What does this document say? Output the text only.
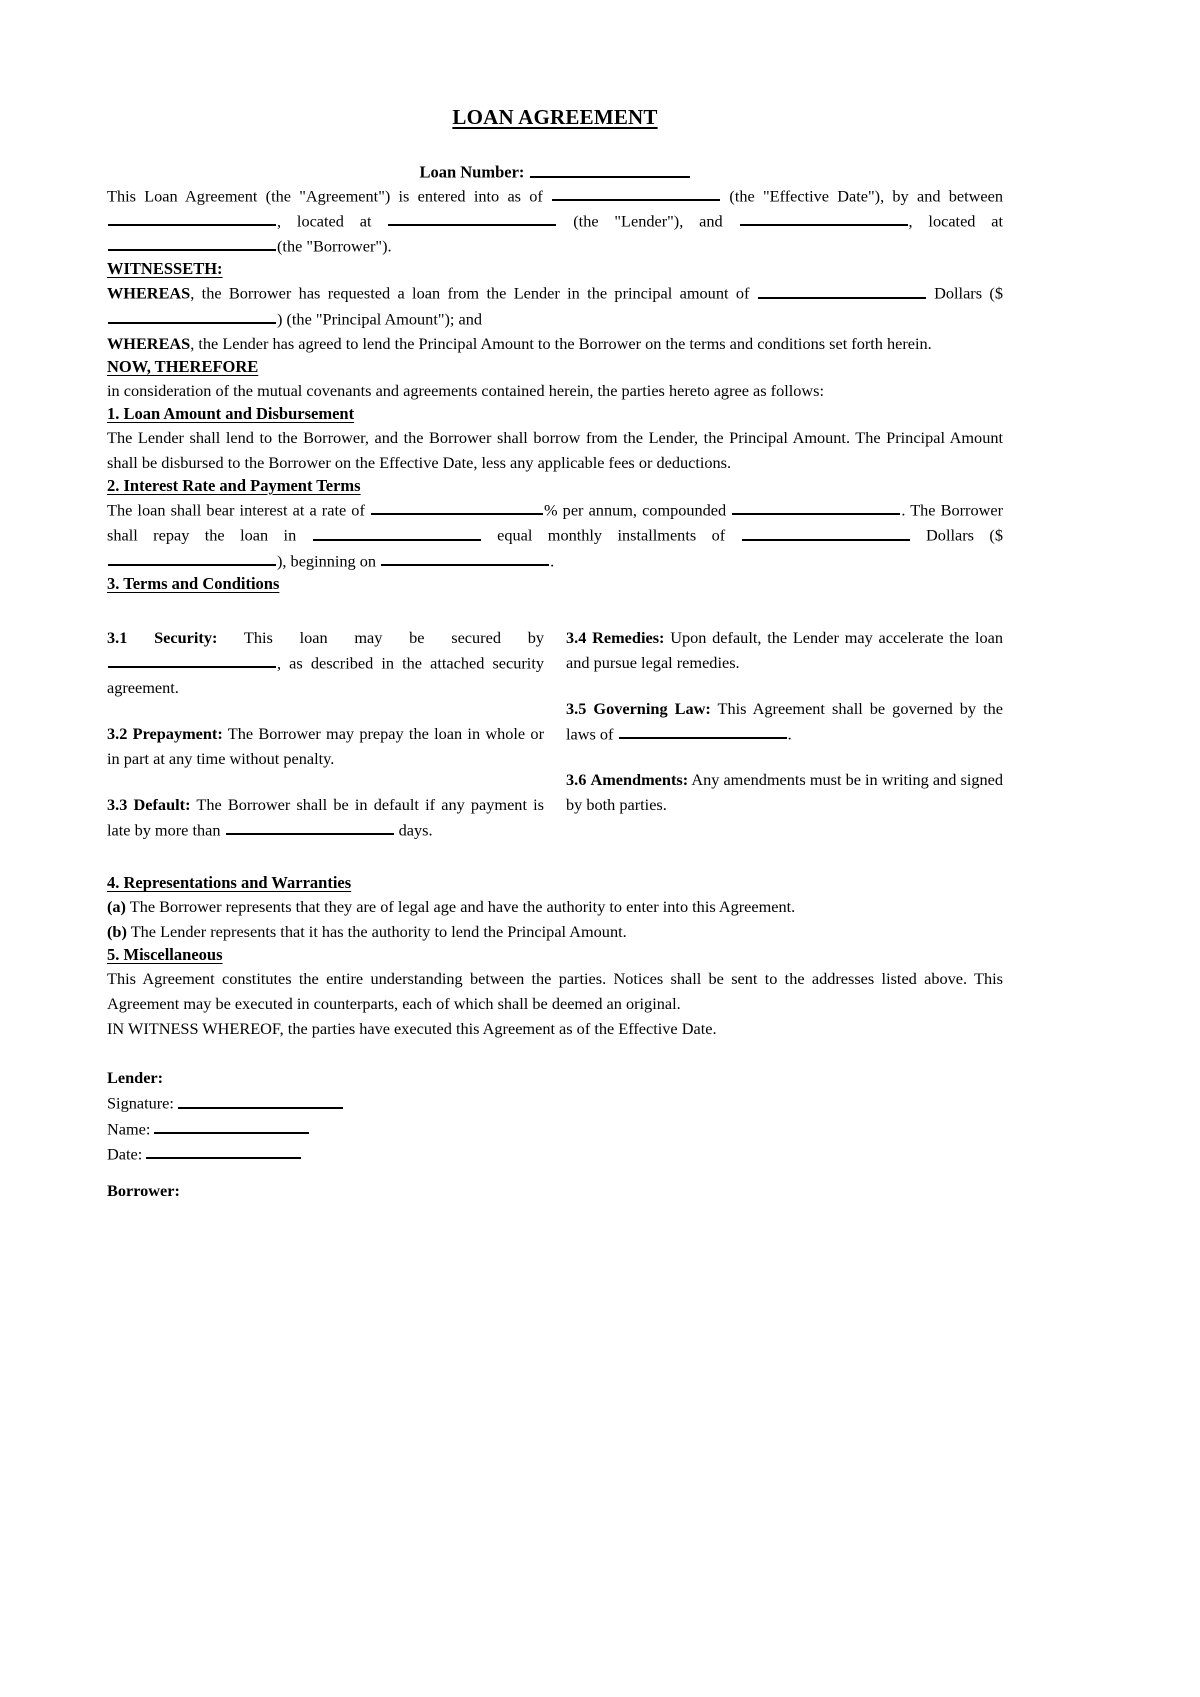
LOAN AGREEMENT
Loan Number:

This Loan Agreement (the "Agreement") is entered into as of	(the "Effective Date"), by and between , located at	(the "Lender"), and	, located at (the "Borrower").

WITNESSETH:

WHEREAS, the Borrower has requested a loan from the Lender in the principal amount of	Dollars ($) (the "Principal Amount"); and

WHEREAS, the Lender has agreed to lend the Principal Amount to the Borrower on the terms and conditions set forth herein.

NOW, THEREFORE

in consideration of the mutual covenants and agreements contained herein, the parties hereto agree as follows:

1. Loan Amount and Disbursement

The Lender shall lend to the Borrower, and the Borrower shall borrow from the Lender, the Principal Amount. The Principal Amount shall be disbursed to the Borrower on the Effective Date, less any applicable fees or deductions.

2. Interest Rate and Payment Terms

The loan shall bear interest at a rate of	% per annum, compounded	. The Borrower shall repay the loan in	equal monthly installments of	Dollars ($), beginning on	.

3. Terms and Conditions

3.1 Security: This loan may be secured by , as described in the attached security agreement.

3.2 Prepayment: The Borrower may prepay the loan in whole or in part at any time without penalty.

3.3 Default: The Borrower shall be in default if any payment is late by more than	days.

3.4 Remedies: Upon default, the Lender may accelerate the loan and pursue legal remedies.

3.5 Governing Law: This Agreement shall be governed by the laws of	.

3.6 Amendments: Any amendments must be in writing and signed by both parties.

4. Representations and Warranties

(a) The Borrower represents that they are of legal age and have the authority to enter into this Agreement.

(b) The Lender represents that it has the authority to lend the Principal Amount.

5. Miscellaneous

This Agreement constitutes the entire understanding between the parties. Notices shall be sent to the addresses listed above. This Agreement may be executed in counterparts, each of which shall be deemed an original.

IN WITNESS WHEREOF, the parties have executed this Agreement as of the Effective Date.

Lender:
Signature:
Name:
Date:
Borrower:
